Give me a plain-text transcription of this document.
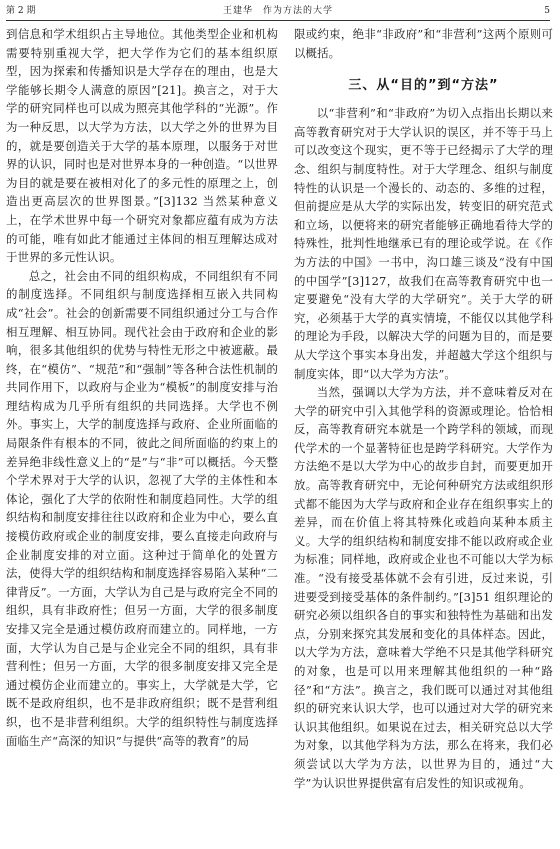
第 2 期	王建华　作为方法的大学	5

到信息和学术组织占主导地位。其他类型企业和机构需要特别重视大学，把大学作为它们的基本组织原型，因为探索和传播知识是大学存在的理由，也是大学能够长期令人满意的原因”[21]。换言之，对于大学的研究同样也可以成为照亮其他学科的“光源”。作为一种反思，以大学为方法，以大学之外的世界为目的，就是要创造关于大学的基本原理，以服务于对世界的认识，同时也是对世界本身的一种创造。“以世界为目的就是要在被相对化了的多元性的原理之上，创造出更高层次的世界图景。”[3]132 当然某种意义上，在学术世界中每一个研究对象都应蕴有成为方法的可能，唯有如此才能通过主体间的相互理解达成对于世界的多元性认识。

总之，社会由不同的组织构成，不同组织有不同的制度选择。不同组织与制度选择相互嵌入共同构成“社会”。社会的创新需要不同组织通过分工与合作相互理解、相互协同。现代社会由于政府和企业的影响，很多其他组织的优势与特性无形之中被遮蔽。最终，在“模仿”、“规范”和“强制”等各种合法性机制的共同作用下，以政府与企业为“模板”的制度安排与治理结构成为几乎所有组织的共同选择。大学也不例外。事实上，大学的制度选择与政府、企业所面临的局限条件有根本的不同，彼此之间所面临的约束上的差异绝非线性意义上的“是”与“非”可以概括。今天整个学术界对于大学的认识，忽视了大学的主体性和本体论，强化了大学的依附性和制度趋同性。大学的组织结构和制度安排往往以政府和企业为中心，要么直接模仿政府或企业的制度安排，要么直接走向政府与企业制度安排的对立面。这种过于简单化的处置方法，使得大学的组织结构和制度选择容易陷入某种“二律背反”。一方面，大学认为自己是与政府完全不同的组织，具有非政府性；但另一方面，大学的很多制度安排又完全是通过模仿政府而建立的。同样地，一方面，大学认为自己是与企业完全不同的组织，具有非营利性；但另一方面，大学的很多制度安排又完全是通过模仿企业而建立的。事实上，大学就是大学，它既不是政府组织，也不是非政府组织；既不是营利组织，也不是非营利组织。大学的组织特性与制度选择面临生产“高深的知识”与提供“高等的教育”的局

限或约束，绝非“非政府”和“非营利”这两个原则可以概括。

三、从“目的”到“方法”

以“非营利”和“非政府”为切入点指出长期以来高等教育研究对于大学认识的误区，并不等于马上可以改变这个现实，更不等于已经揭示了大学的理念、组织与制度特性。对于大学理念、组织与制度特性的认识是一个漫长的、动态的、多维的过程，但前提应是从大学的实际出发，转变旧的研究范式和立场，以便将来的研究者能够正确地看待大学的特殊性，批判性地继承已有的理论或学说。在《作为方法的中国》一书中，沟口雄三谈及“没有中国的中国学”[3]127，故我们在高等教育研究中也一定要避免“没有大学的大学研究”。关于大学的研究，必须基于大学的真实情境，不能仅以其他学科的理论为手段，以解决大学的问题为目的，而是要从大学这个事实本身出发，并超越大学这个组织与制度实体，即“以大学为方法”。

当然，强调以大学为方法，并不意味着反对在大学的研究中引入其他学科的资源或理论。恰恰相反，高等教育研究本就是一个跨学科的领域，而现代学术的一个显著特征也是跨学科研究。大学作为方法绝不是以大学为中心的故步自封，而要更加开放。高等教育研究中，无论何种研究方法或组织形式都不能因为大学与政府和企业存在组织事实上的差异，而在价值上将其特殊化或趋向某种本质主义。大学的组织结构和制度安排不能以政府或企业为标准；同样地，政府或企业也不可能以大学为标准。“没有接受基体就不会有引进，反过来说，引进要受到接受基体的条件制约。”[3]51 组织理论的研究必须以组织各自的事实和独特性为基础和出发点，分别来探究其发展和变化的具体样态。因此，以大学为方法，意味着大学绝不只是其他学科研究的对象，也是可以用来理解其他组织的一种“路径”和“方法”。换言之，我们既可以通过对其他组织的研究来认识大学，也可以通过对大学的研究来认识其他组织。如果说在过去，相关研究总以大学为对象，以其他学科为方法，那么在将来，我们必须尝试以大学为方法，以世界为目的，通过“大学”为认识世界提供富有启发性的知识或视角。
